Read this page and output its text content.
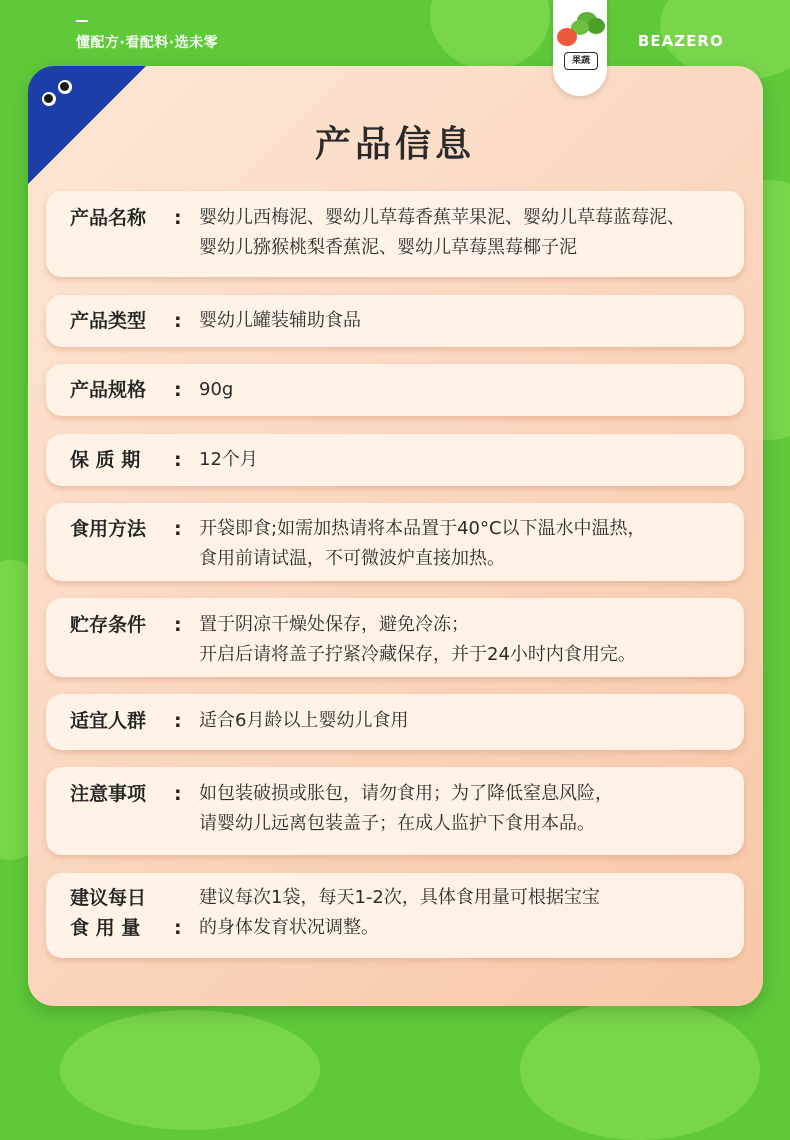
懂配方·看配料·选未零	BEAZERO
果蔬
产品信息
产品名称	: 婴幼儿西梅泥、婴幼儿草莓香蕉苹果泥、婴幼儿草莓蓝莓泥、
婴幼儿猕猴桃梨香蕉泥、婴幼儿草莓黑莓椰子泥
产品类型	: 婴幼儿罐装辅助食品
产品规格	: 90g
保 质 期	: 12个月
食用方法	: 开袋即食;如需加热请将本品置于40°C以下温水中温热，
食用前请试温，不可微波炉直接加热。
贮存条件	: 置于阴凉干燥处保存，避免冷冻；
开启后请将盖子拧紧冷藏保存，并于24小时内食用完。
适宜人群	: 适合6月龄以上婴幼儿食用
注意事项	: 如包装破损或胀包，请勿食用；为了降低窒息风险，
请婴幼儿远离包装盖子；在成人监护下食用本品。
建议每日
食 用 量	:
建议每次1袋，每天1-2次，具体食用量可根据宝宝
的身体发育状况调整。
